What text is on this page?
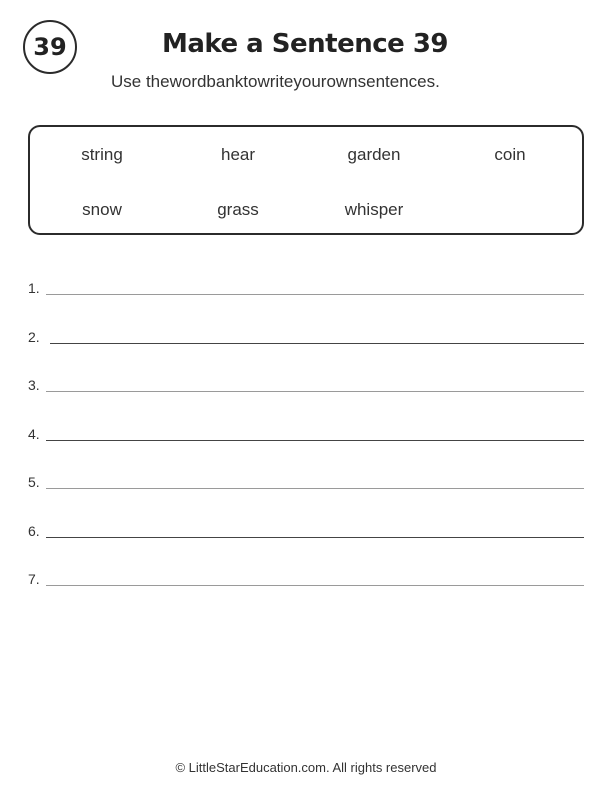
39	Make a Sentence 39
Use thewordbanktowriteyourownsentences.
string	hear	garden	coin
snow	grass	whisper
1.
2.
3.
4.
5.
6.
7.
© LittleStarEducation.com. All rights reserved
